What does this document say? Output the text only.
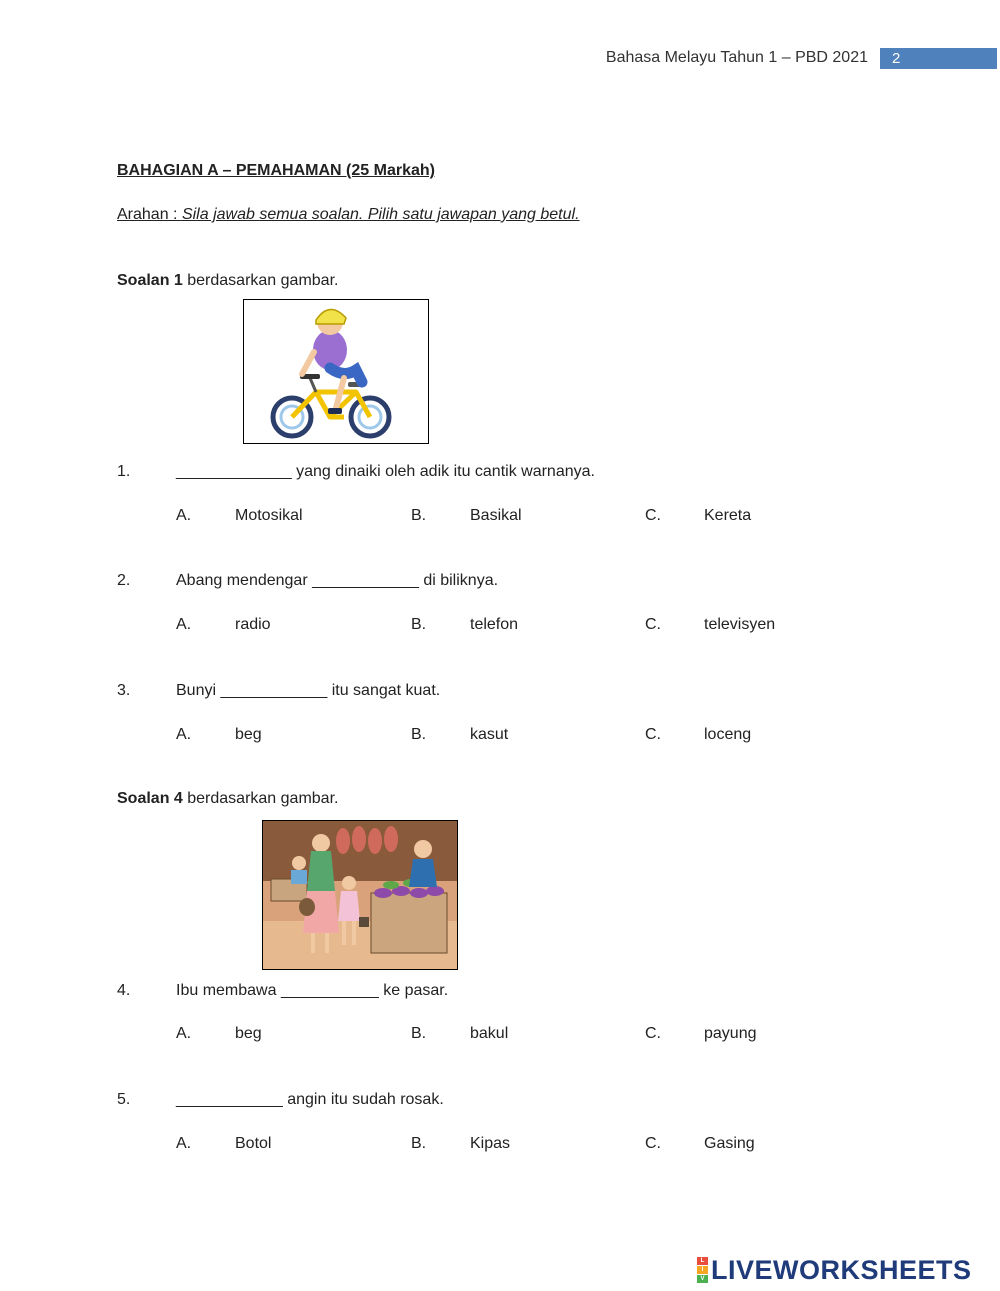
Bahasa Melayu Tahun 1 – PBD 2021	2
BAHAGIAN A – PEMAHAMAN (25 Markah)
Arahan : Sila jawab semua soalan. Pilih satu jawapan yang betul.
Soalan 1 berdasarkan gambar.
1.	_____________ yang dinaiki oleh adik itu cantik warnanya.
A.	Motosikal	B.	Basikal	C.	Kereta
2.	Abang mendengar ____________ di biliknya.
A.	radio	B.	telefon	C.	televisyen
3.	Bunyi ____________ itu sangat kuat.
A.	beg	B.	kasut	C.	loceng
Soalan 4 berdasarkan gambar.
4.	Ibu membawa ___________ ke pasar.
A.	beg	B.	bakul	C.	payung
5.	____________ angin itu sudah rosak.
A.	Botol	B.	Kipas	C.	Gasing
L
I
V LIVEWORKSHEETS
